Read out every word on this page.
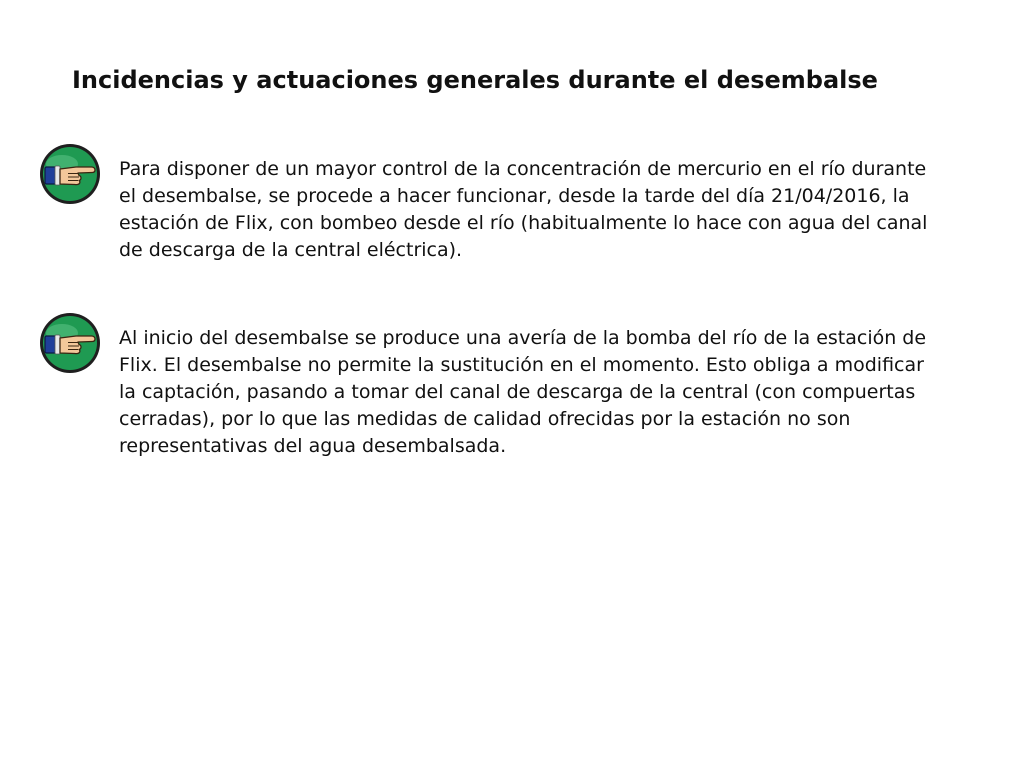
Incidencias y actuaciones generales durante el desembalse

Para disponer de un mayor control de la concentración de mercurio en el río durante el desembalse, se procede a hacer funcionar, desde la tarde del día 21/04/2016, la estación de Flix, con bombeo desde el río (habitualmente lo hace con agua del canal de descarga de la central eléctrica).

Al inicio del desembalse se produce una avería de la bomba del río de la estación de Flix. El desembalse no permite la sustitución en el momento. Esto obliga a modificar la captación, pasando a tomar del canal de descarga de la central (con compuertas cerradas), por lo que las medidas de calidad ofrecidas por la estación no son representativas del agua desembalsada.
